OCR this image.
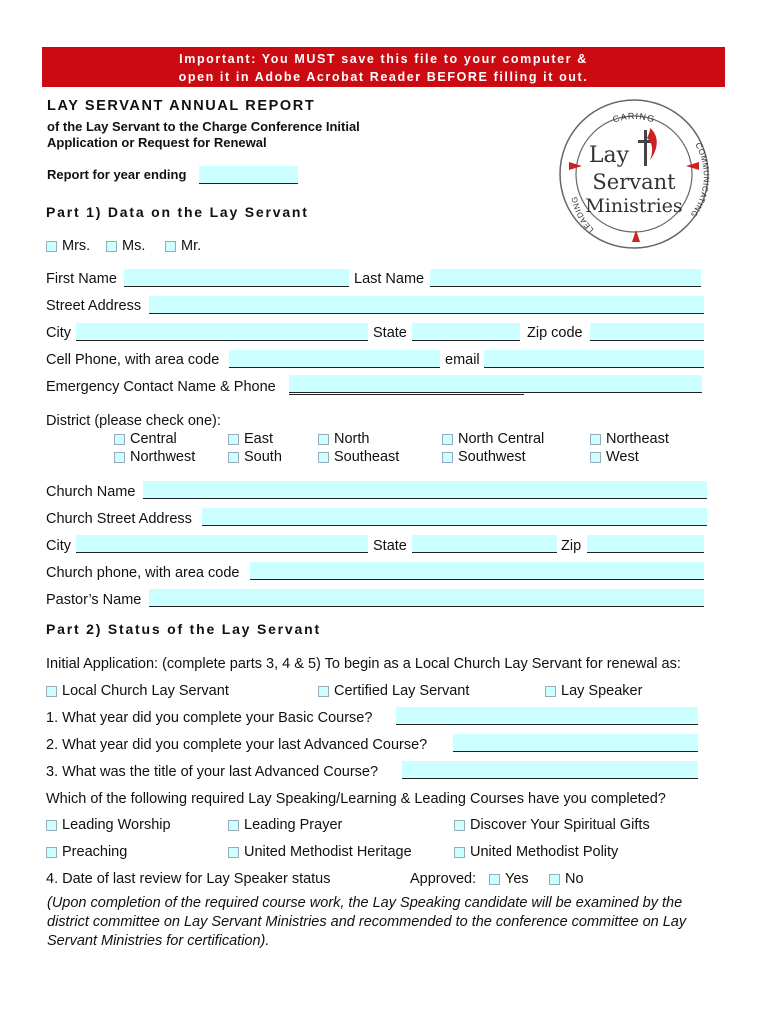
Important: You MUST save this file to your computer &
open it in Adobe Acrobat Reader BEFORE filling it out.
LAY SERVANT ANNUAL REPORT
of the Lay Servant to the Charge Conference Initial
Application or Request for Renewal
Report for year ending
CARING
COMMUNICATING
LEADING
Lay
Servant
Ministries
Part 1) Data on the Lay Servant
Mrs. Ms. Mr.
First Name	Last Name
Street Address
City	State	Zip code
Cell Phone, with area code	email
Emergency Contact Name & Phone
District (please check one):
Central	East	North	North Central	Northeast
Northwest	South	Southeast	Southwest	West
Church Name
Church Street Address
City	State	Zip
Church phone, with area code
Pastor’s Name
Part 2) Status of the Lay Servant
Initial Application: (complete parts 3, 4 & 5) To begin as a Local Church Lay Servant for renewal as:
Local Church Lay Servant	Certified Lay Servant	Lay Speaker
1. What year did you complete your Basic Course?
2. What year did you complete your last Advanced Course?
3. What was the title of your last Advanced Course?
Which of the following required Lay Speaking/Learning & Leading Courses have you completed?
Leading Worship	Leading Prayer	Discover Your Spiritual Gifts
Preaching	United Methodist Heritage	United Methodist Polity
4. Date of last review for Lay Speaker status	Approved: Yes	No
(Upon completion of the required course work, the Lay Speaking candidate will be examined by the district committee on Lay Servant Ministries and recommended to the conference committee on Lay Servant Ministries for certification).
